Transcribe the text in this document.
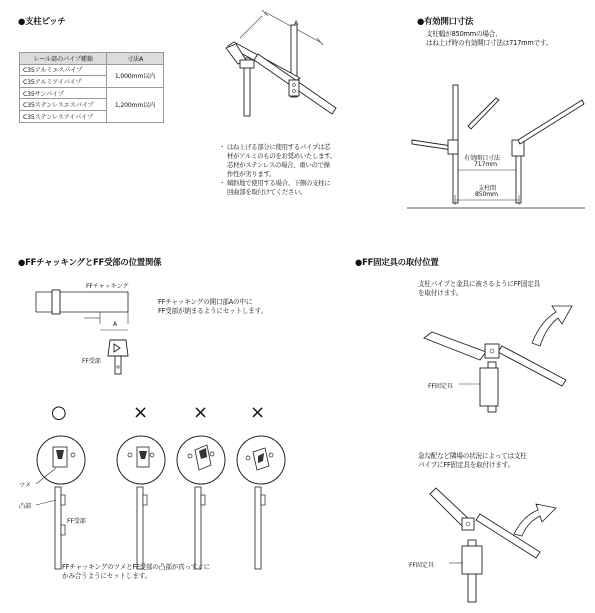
●支柱ピッチ
レール部のパイプ種類	寸法A
C35アルミエスパイプ	1,000mm以内
C35アルミアイパイプ	
C35サンパイプ	1,200mm以内
C35ステンレスエスパイプ	
C35ステンレスアイパイプ	
A
・ はね上げる部分に使用するパイプは芯
材がアルミのものをお奨めいたします。
芯材がステンレスの場合、重いので操
作性が劣ります。
・ 傾斜地で使用する場合、下側の支柱に
回曲部を取付けてください。
●有効開口寸法
支柱幅が850mmの場合、
はね上げ時の有効開口寸法は717mmです。
有効開口寸法
717mm
支柱間
850mm
●FFチャッキングとFF受部の位置関係
FFチャッキング
A
FF受部
FFチャッキングの開口部Aの中に
FF受部が納まるようにセットします。
○	× × ×
ツメ
凸部
FF受部
FFチャッキングのツメとFF受部の凸部が真っすぐに
かみ合うようにセットします。
●FF固定具の取付位置
支柱パイプと金具に被さるようにFF固定具
を取付けます。
FF固定具
急勾配など隣場の状況によっては支柱
パイプにFF固定具を取付けます。
FF固定具
